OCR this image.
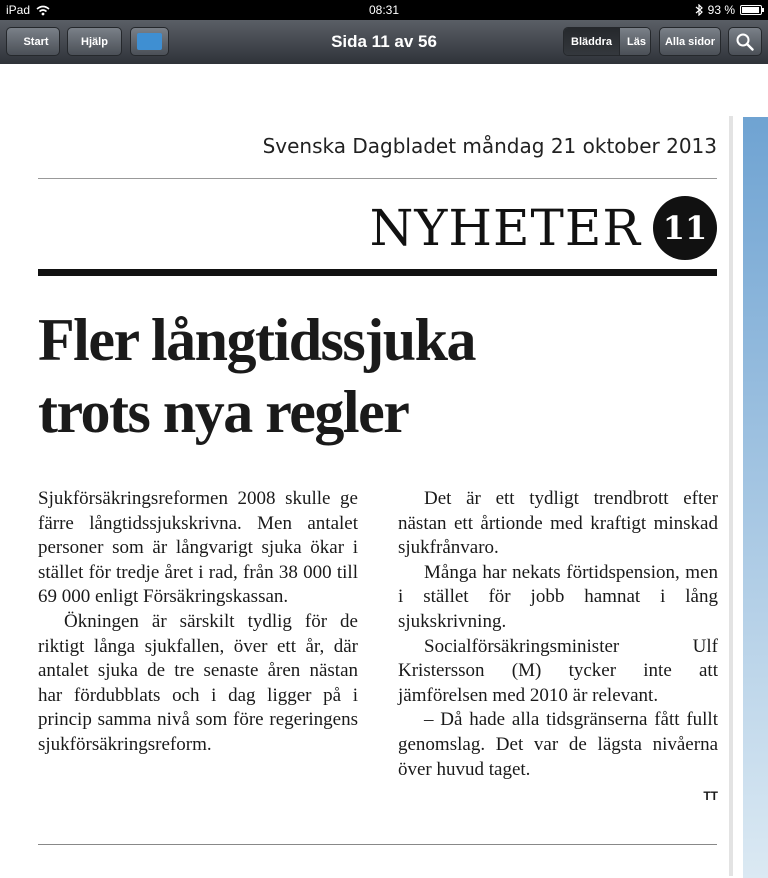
iPad	08:31	93 %
Start	Hjälp	Sida 11 av 56	Bläddra	Läs	Alla sidor
Svenska Dagbladet måndag 21 oktober 2013
NYHETER 11
Fler långtidssjuka
trots nya regler

Sjukförsäkringsreformen 2008 skulle ge färre långtidssjukskrivna. Men antalet personer som är långvarigt sjuka ökar i stället för tredje året i rad, från 38 000 till 69 000 enligt Försäkringskassan.

Ökningen är särskilt tydlig för de riktigt långa sjukfallen, över ett år, där antalet sjuka de tre senaste åren nästan har fördubblats och i dag ligger på i princip samma nivå som före regeringens sjukförsäkringsreform.

Det är ett tydligt trendbrott efter nästan ett årtionde med kraftigt minskad sjukfrånvaro.

Många har nekats förtidspension, men i stället för jobb hamnat i lång sjukskrivning.

Socialförsäkringsminister Ulf Kristersson (M) tycker inte att jämförelsen med 2010 är relevant.

– Då hade alla tidsgränserna fått fullt genomslag. Det var de lägsta nivåerna över huvud taget.

TT
